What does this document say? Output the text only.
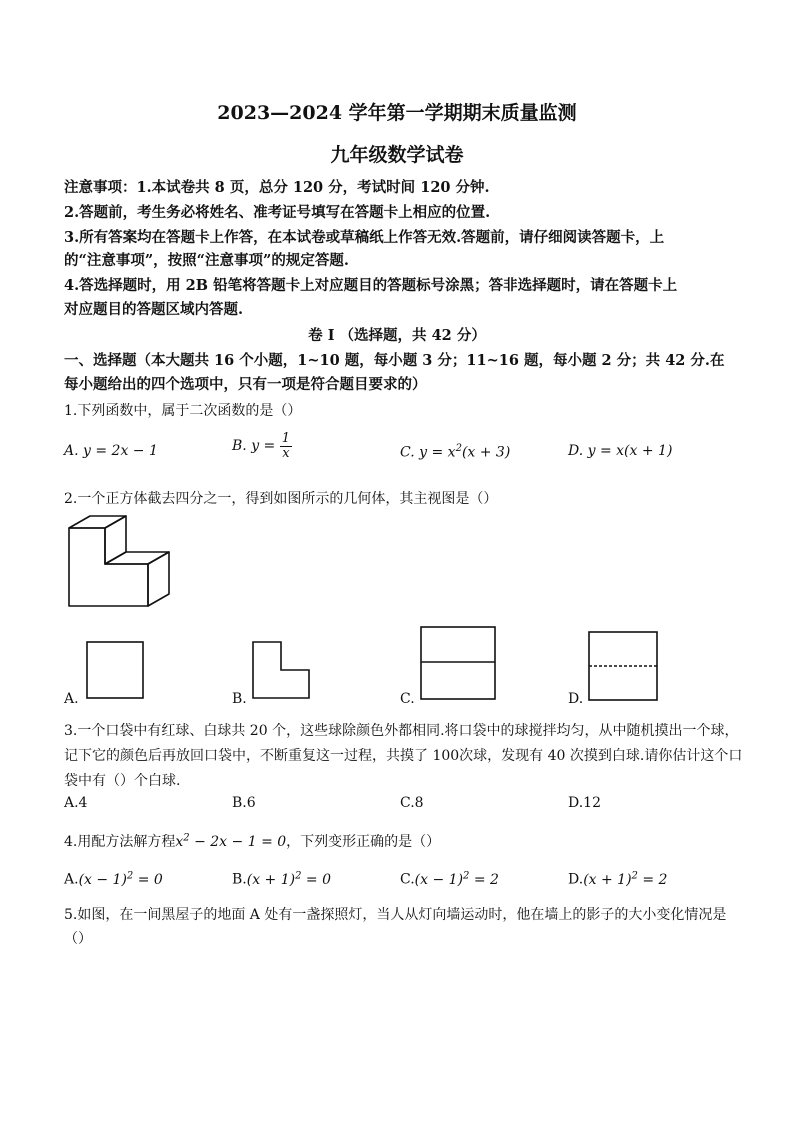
2023—2024 学年第一学期期末质量监测
九年级数学试卷
注意事项：1.本试卷共 8 页，总分 120 分，考试时间 120 分钟.
2.答题前，考生务必将姓名、准考证号填写在答题卡上相应的位置.
3.所有答案均在答题卡上作答，在本试卷或草稿纸上作答无效.答题前，请仔细阅读答题卡，上
的“注意事项”，按照“注意事项”的规定答题.
4.答选择题时，用 2B 铅笔将答题卡上对应题目的答题标号涂黑；答非选择题时，请在答题卡上
对应题目的答题区域内答题.
卷 I （选择题，共 42 分）
一、选择题（本大题共 16 个小题，1~10 题，每小题 3 分；11~16 题，每小题 2 分；共 42 分.在
每小题给出的四个选项中，只有一项是符合题目要求的）
1.下列函数中，属于二次函数的是（）
A. y = 2x − 1	B. $y = \frac{1}{x}$	C. $y = x^2(x + 3)$	D. y = x(x + 1)
2.一个正方体截去四分之一，得到如图所示的几何体，其主视图是（）
A.	B.	C.	D.
3.一个口袋中有红球、白球共 20 个，这些球除颜色外都相同.将口袋中的球搅拌均匀，从中随机摸出一个球，
记下它的颜色后再放回口袋中，不断重复这一过程，共摸了 100次球，发现有 40 次摸到白球.请你估计这个口
袋中有（）个白球.
A.4	B.6	C.8	D.12
4.用配方法解方程$x^2 - 2x - 1 = 0$，下列变形正确的是（）
$A.(x - 1)^2 = 0$	$B.(x + 1)^2 = 0$	$C.(x - 1)^2 = 2$	$D.(x + 1)^2 = 2$
5.如图，在一间黑屋子的地面 A 处有一盏探照灯，当人从灯向墙运动时，他在墙上的影子的大小变化情况是
（）
